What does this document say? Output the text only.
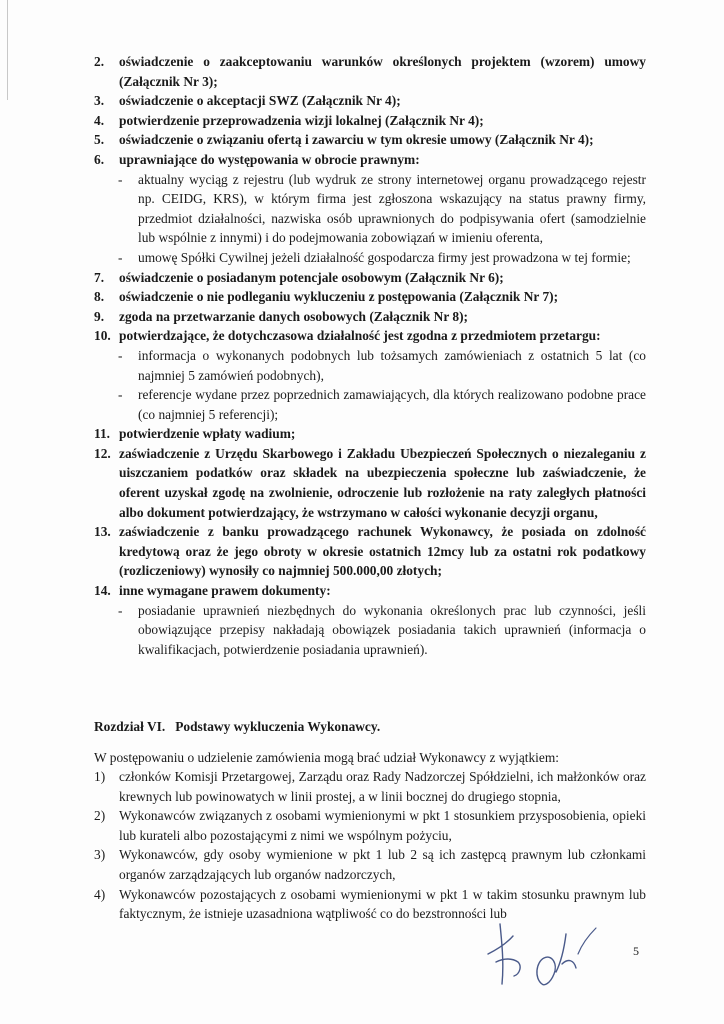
2. oświadczenie o zaakceptowaniu warunków określonych projektem (wzorem) umowy (Załącznik Nr 3);
3. oświadczenie o akceptacji SWZ (Załącznik Nr 4);
4. potwierdzenie przeprowadzenia wizji lokalnej (Załącznik Nr 4);
5. oświadczenie o związaniu ofertą i zawarciu w tym okresie umowy (Załącznik Nr 4);
6. uprawniające do występowania w obrocie prawnym:
- aktualny wyciąg z rejestru (lub wydruk ze strony internetowej organu prowadzącego rejestr np. CEIDG, KRS), w którym firma jest zgłoszona wskazujący na status prawny firmy, przedmiot działalności, nazwiska osób uprawnionych do podpisywania ofert (samodzielnie lub wspólnie z innymi) i do podejmowania zobowiązań w imieniu oferenta,
- umowę Spółki Cywilnej jeżeli działalność gospodarcza firmy jest prowadzona w tej formie;
7. oświadczenie o posiadanym potencjale osobowym (Załącznik Nr 6);
8. oświadczenie o nie podleganiu wykluczeniu z postępowania (Załącznik Nr 7);
9. zgoda na przetwarzanie danych osobowych (Załącznik Nr 8);
10. potwierdzające, że dotychczasowa działalność jest zgodna z przedmiotem przetargu:
- informacja o wykonanych podobnych lub tożsamych zamówieniach z ostatnich 5 lat (co najmniej 5 zamówień podobnych),
- referencje wydane przez poprzednich zamawiających, dla których realizowano podobne prace (co najmniej 5 referencji);
11. potwierdzenie wpłaty wadium;
12. zaświadczenie z Urzędu Skarbowego i Zakładu Ubezpieczeń Społecznych o niezaleganiu z uiszczaniem podatków oraz składek na ubezpieczenia społeczne lub zaświadczenie, że oferent uzyskał zgodę na zwolnienie, odroczenie lub rozłożenie na raty zaległych płatności albo dokument potwierdzający, że wstrzymano w całości wykonanie decyzji organu,
13. zaświadczenie z banku prowadzącego rachunek Wykonawcy, że posiada on zdolność kredytową oraz że jego obroty w okresie ostatnich 12mcy lub za ostatni rok podatkowy (rozliczeniowy) wynosiły co najmniej 500.000,00 złotych;
14. inne wymagane prawem dokumenty:
- posiadanie uprawnień niezbędnych do wykonania określonych prac lub czynności, jeśli obowiązujące przepisy nakładają obowiązek posiadania takich uprawnień (informacja o kwalifikacjach, potwierdzenie posiadania uprawnień).
Rozdział VI.   Podstawy wykluczenia Wykonawcy.
W postępowaniu o udzielenie zamówienia mogą brać udział Wykonawcy z wyjątkiem:
1) członków Komisji Przetargowej, Zarządu oraz Rady Nadzorczej Spółdzielni, ich małżonków oraz krewnych lub powinowatych w linii prostej, a w linii bocznej do drugiego stopnia,
2) Wykonawców związanych z osobami wymienionymi w pkt 1 stosunkiem przysposobienia, opieki lub kurateli albo pozostającymi z nimi we wspólnym pożyciu,
3) Wykonawców, gdy osoby wymienione w pkt 1 lub 2 są ich zastępcą prawnym lub członkami organów zarządzających lub organów nadzorczych,
4) Wykonawców pozostających z osobami wymienionymi w pkt 1 w takim stosunku prawnym lub faktycznym, że istnieje uzasadniona wątpliwość co do bezstronności lub
5
